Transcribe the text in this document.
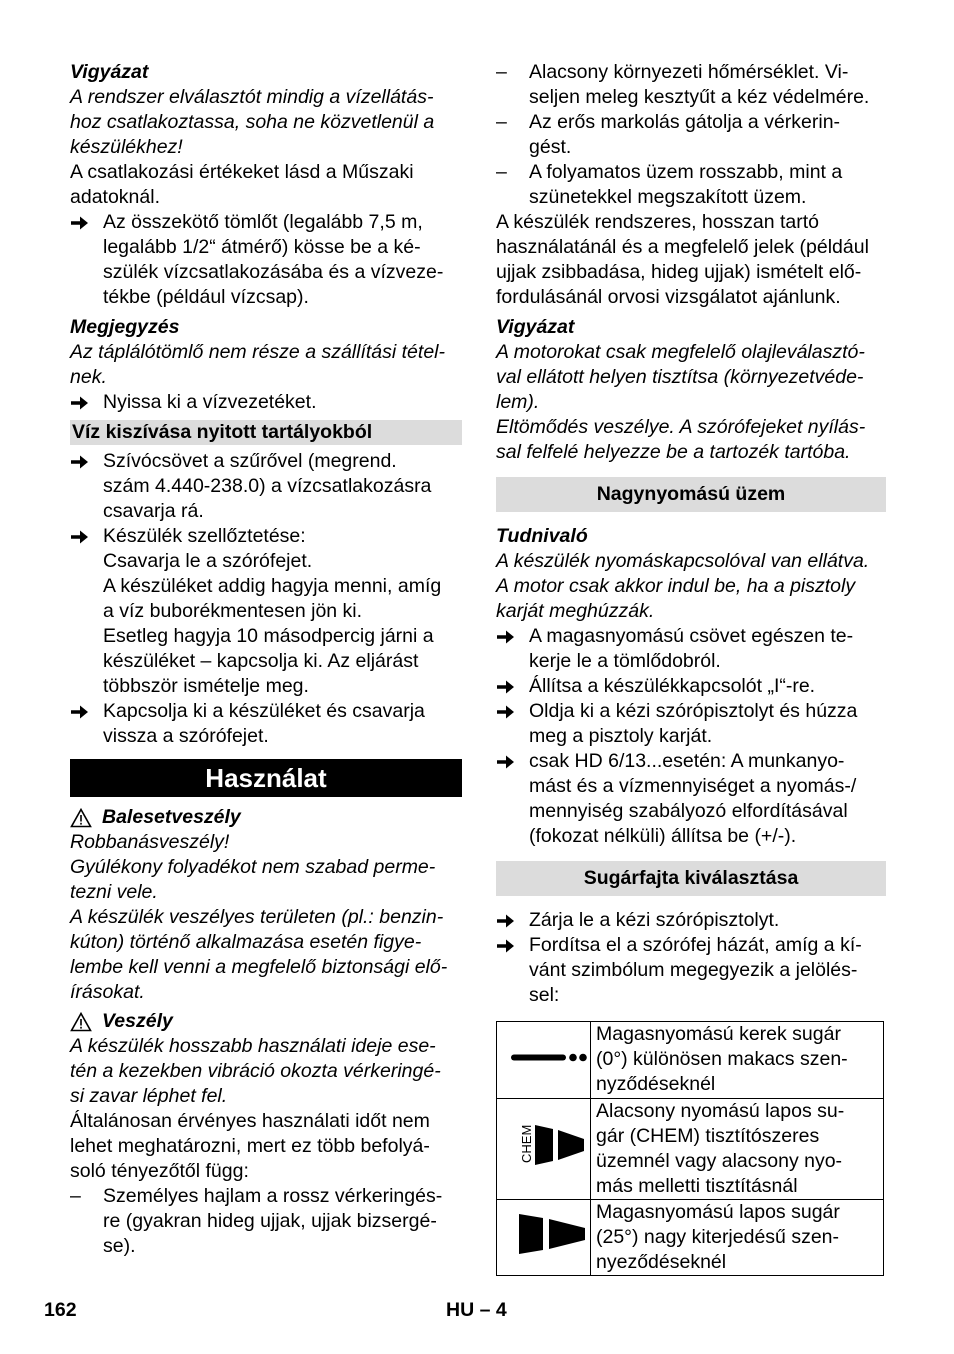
Vigyázat

A rendszer elválasztót mindig a vízellátás-
hoz csatlakoztassa, soha ne közvetlenül a
készülékhez!

A csatlakozási értékeket lásd a Műszaki
adatoknál.

Az összekötő tömlőt (legalább 7,5 m,
legalább 1/2“ átmérő) kösse be a ké-
szülék vízcsatlakozásába és a vízveze-
tékbe (például vízcsap).

Megjegyzés

Az táplálótömlő nem része a szállítási tétel-
nek.

Nyissa ki a vízvezetéket.
Víz kiszívása nyitott tartályokból
Szívócsövet a szűrővel (megrend.
szám 4.440-238.0) a vízcsatlakozásra
csavarja rá.
Készülék szellőztetése:
Csavarja le a szórófejet.
A készüléket addig hagyja menni, amíg
a víz buborékmentesen jön ki.
Esetleg hagyja 10 másodpercig járni a
készüléket – kapcsolja ki. Az eljárást
többször ismételje meg.
Kapcsolja ki a készüléket és csavarja
vissza a szórófejet.
Használat
Balesetveszély

Robbanásveszély!
Gyúlékony folyadékot nem szabad perme-
tezni vele.
A készülék veszélyes területen (pl.: benzin-
kúton) történő alkalmazása esetén figye-
lembe kell venni a megfelelő biztonsági elő-
írásokat.

Veszély

A készülék hosszabb használati ideje ese-
tén a kezekben vibráció okozta vérkeringé-
si zavar léphet fel.

Általánosan érvényes használati időt nem
lehet meghatározni, mert ez több befolyá-
soló tényezőtől függ:

–	Személyes hajlam a rossz vérkeringés-
re (gyakran hideg ujjak, ujjak bizsergé-
se).
–	Alacsony környezeti hőmérséklet. Vi-
seljen meleg kesztyűt a kéz védelmére.
–	Az erős markolás gátolja a vérkerin-
gést.
–	A folyamatos üzem rosszabb, mint a
szünetekkel megszakított üzem.

A készülék rendszeres, hosszan tartó
használatánál és a megfelelő jelek (például
ujjak zsibbadása, hideg ujjak) ismételt elő-
fordulásánál orvosi vizsgálatot ajánlunk.

Vigyázat

A motorokat csak megfelelő olajleválasztó-
val ellátott helyen tisztítsa (környezetvéde-
lem).
Eltömődés veszélye. A szórófejeket nyílás-
sal felfelé helyezze be a tartozék tartóba.

Nagynyomású üzem

Tudnivaló

A készülék nyomáskapcsolóval van ellátva.
A motor csak akkor indul be, ha a pisztoly
karját meghúzzák.

A magasnyomású csövet egészen te-
kerje le a tömlődobról.
Állítsa a készülékkapcsolót „I“-re.
Oldja ki a kézi szórópisztolyt és húzza
meg a pisztoly karját.
csak HD 6/13...esetén: A munkanyo-
mást és a vízmennyiséget a nyomás-/
mennyiség szabályozó elfordításával
(fokozat nélküli) állítsa be (+/-).
Sugárfajta kiválasztása
Zárja le a kézi szórópisztolyt.
Fordítsa el a szórófej házát, amíg a kí-
vánt szimbólum megegyezik a jelölés-
sel:
	Magasnyomású kerek sugár
(0°) különösen makacs szen-
nyződéseknél

CHEM	Alacsony nyomású lapos su-
gár (CHEM) tisztítószeres
üzemnél vagy alacsony nyo-
más melletti tisztításnál
	Magasnyomású lapos sugár
(25°) nagy kiterjedésű szen-
nyeződéseknél
162	HU – 4
